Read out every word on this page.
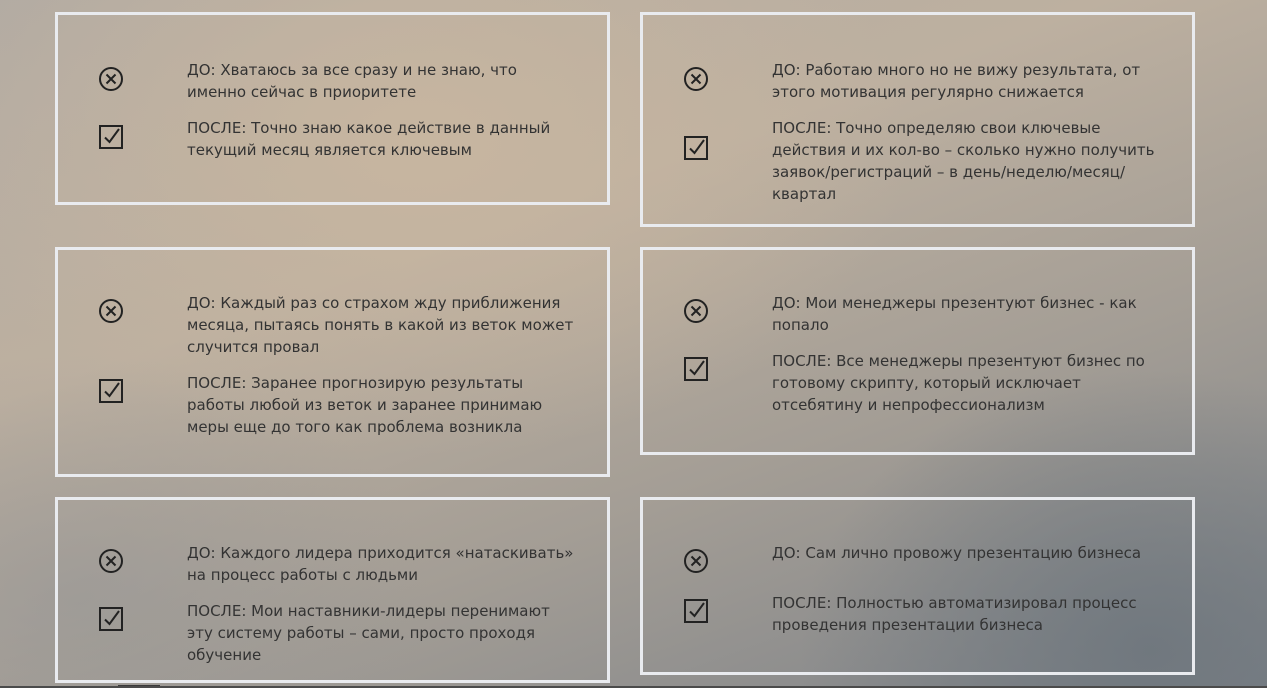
ДО: Хватаюсь за все сразу и не знаю, что именно сейчас в приоритете
ПОСЛЕ: Точно знаю какое действие в данный текущий месяц является ключевым
ДО: Работаю много но не вижу результата, от этого мотивация регулярно снижается
ПОСЛЕ: Точно определяю свои ключевые действия и их кол-во – сколько нужно получить заявок/регистраций – в день/неделю/месяц/квартал
ДО: Каждый раз со страхом жду приближения месяца, пытаясь понять в какой из веток может случится провал
ПОСЛЕ: Заранее прогнозирую результаты работы любой из веток и заранее принимаю меры еще до того как проблема возникла
ДО: Мои менеджеры презентуют бизнес - как попало
ПОСЛЕ: Все менеджеры презентуют бизнес по готовому скрипту, который исключает отсебятину и непрофессионализм
ДО: Каждого лидера приходится «натаскивать» на процесс работы с людьми
ПОСЛЕ: Мои наставники-лидеры перенимают эту систему работы – сами, просто проходя обучение
ДО: Сам лично провожу презентацию бизнеса
ПОСЛЕ: Полностью автоматизировал процесс проведения презентации бизнеса
